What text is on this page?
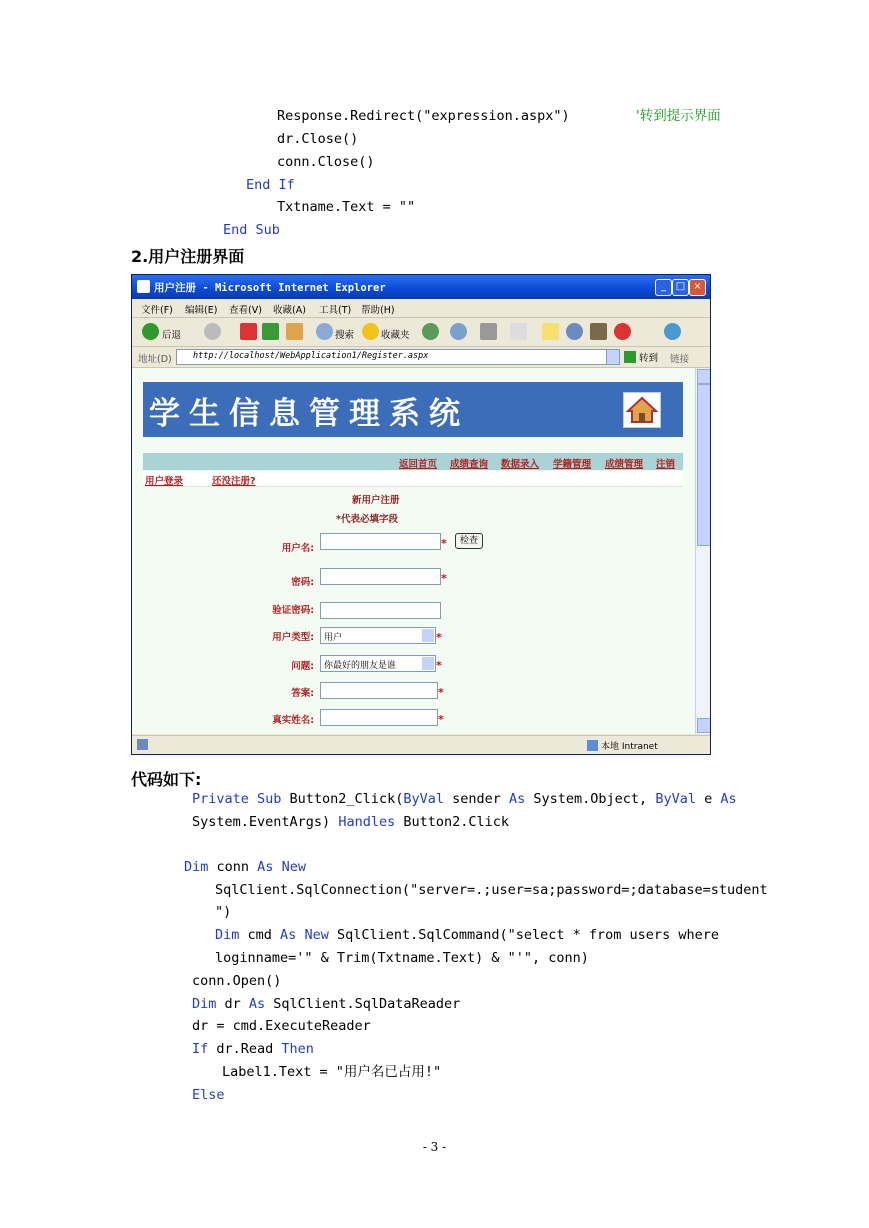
Response.Redirect("expression.aspx")	'转到提示界面
dr.Close()
conn.Close()
End If
Txtname.Text = ""
End Sub
2.用户注册界面
用户注册 - Microsoft Internet Explorer	_ □ ×
文件(F) 编辑(E) 查看(V) 收藏(A) 工具(T) 帮助(H)
后退	搜索	收藏夹
地址(D)	http://localhost/WebApplication1/Register.aspx	转到 链接
学生信息管理系统
返回首页 成绩查询 数据录入 学籍管理 成绩管理 注销
用户登录	还没注册?
新用户注册
*代表必填字段
用户名:	*	检查
密码:	*
验证密码:
用户类型: 用户	*
问题: 你最好的朋友是谁	*
答案:	*
真实姓名:	*
本地 Intranet
代码如下:
Private Sub Button2_Click(ByVal sender As System.Object, ByVal e As
System.EventArgs) Handles Button2.Click
Dim conn As New
SqlClient.SqlConnection("server=.;user=sa;password=;database=student
")
Dim cmd As New SqlClient.SqlCommand("select * from users where
loginname='" & Trim(Txtname.Text) & "'", conn)
conn.Open()
Dim dr As SqlClient.SqlDataReader
dr = cmd.ExecuteReader
If dr.Read Then
Label1.Text = "用户名已占用!"
Else
- 3 -
